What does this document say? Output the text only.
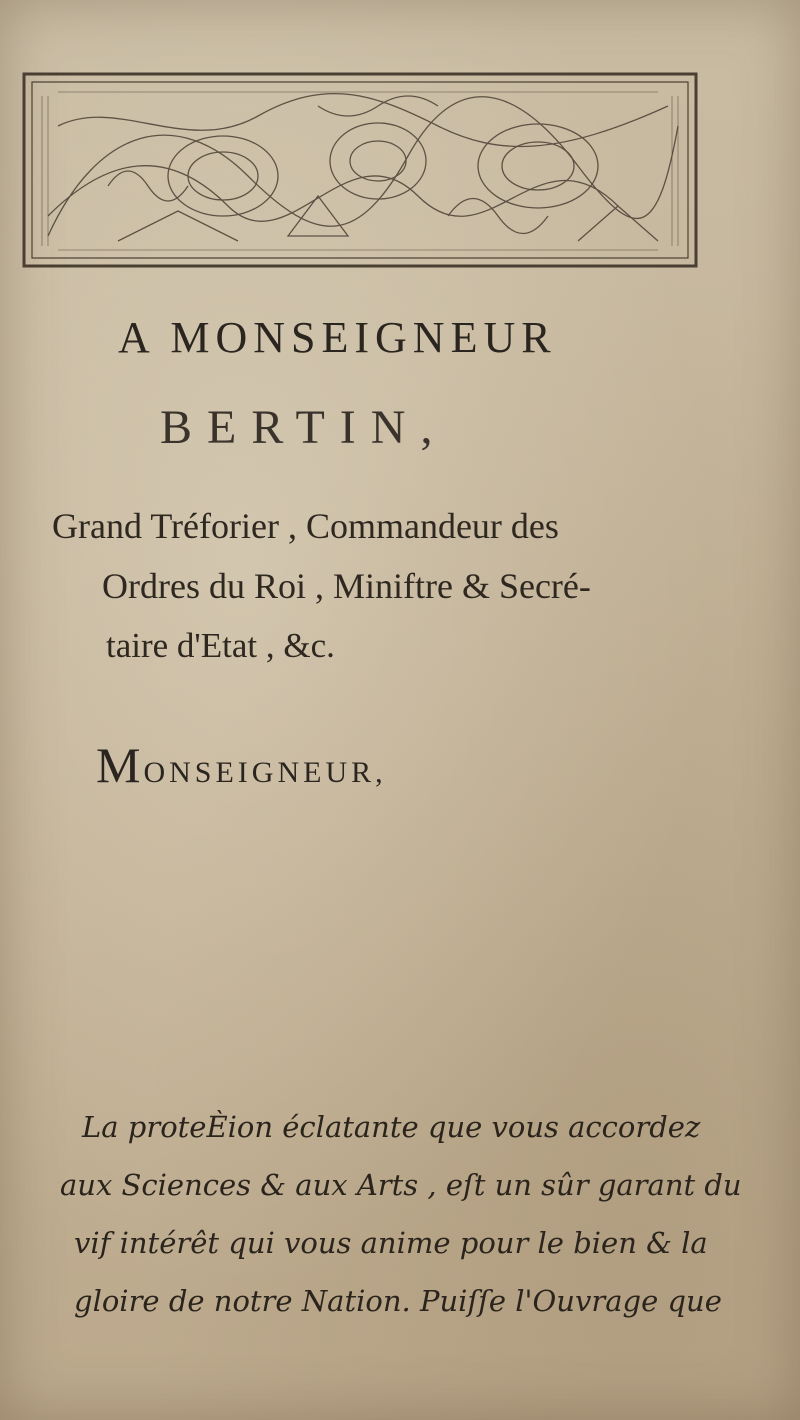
A MONSEIGNEUR
BERTIN,
Grand Tréforier , Commandeur des
Ordres du Roi , Miniftre & Secré-
taire d'Etat , &c.
MONSEIGNEUR,
La proteЀion éclatante que vous accordez
aux Sciences & aux Arts , eſt un sûr garant du
vif intérêt qui vous anime pour le bien & la
gloire de notre Nation. Puiſſe l'Ouvrage que
